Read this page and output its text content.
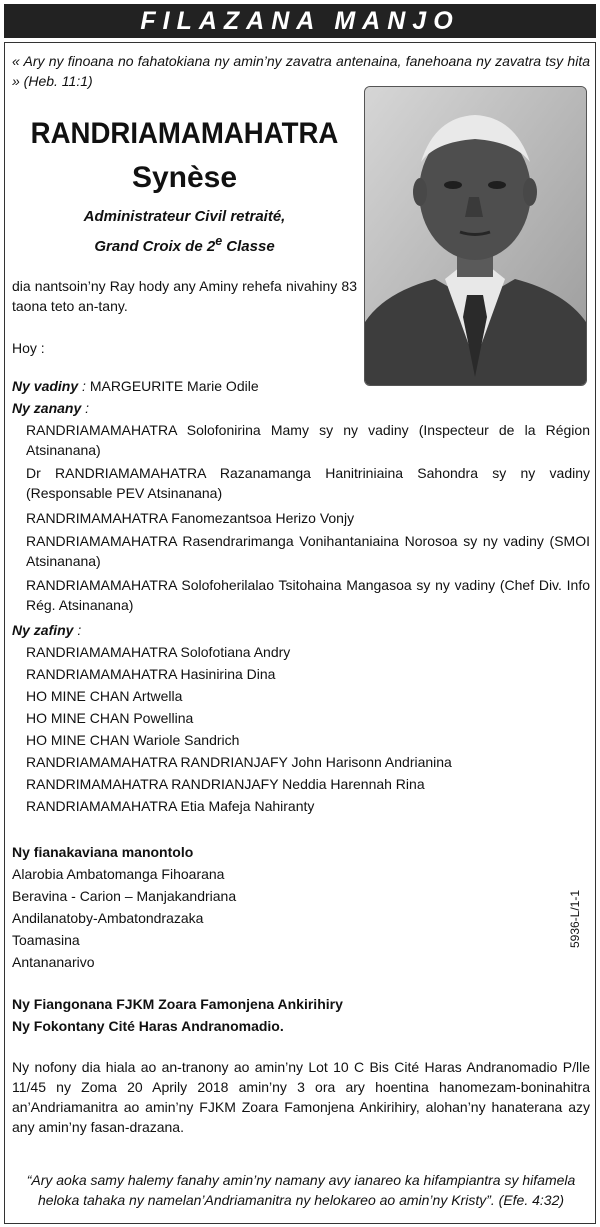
FILAZANA MANJO
« Ary ny finoana no fahatokiana ny amin’ny zavatra antenaina, fanehoana ny zavatra tsy hita » (Heb. 11:1)
RANDRIAMAMAHATRA
Synèse
Administrateur Civil retraité,
Grand Croix de 2e Classe
dia nantsoin’ny Ray hody any Aminy rehefa nivahiny 83 taona teto an-tany.
Hoy :
Ny vadiny : MARGEURITE Marie Odile
Ny zanany :
RANDRIAMAMAHATRA Solofonirina Mamy sy ny vadiny (Inspecteur de la Région Atsinanana)
Dr RANDRIAMAMAHATRA Razanamanga Hanitriniaina Sahondra sy ny vadiny (Responsable PEV Atsinanana)
RANDRIMAMAHATRA Fanomezantsoa Herizo Vonjy
RANDRIAMAMAHATRA Rasendrarimanga Vonihantaniaina Norosoa sy ny vadiny (SMOI Atsinanana)
RANDRIAMAMAHATRA Solofoherilalao Tsitohaina Mangasoa sy ny vadiny (Chef Div. Info Rég. Atsinanana)
Ny zafiny :
RANDRIAMAMAHATRA Solofotiana Andry
RANDRIAMAMAHATRA Hasinirina Dina
HO MINE CHAN Artwella
HO MINE CHAN Powellina
HO MINE CHAN Wariole Sandrich
RANDRIAMAMAHATRA RANDRIANJAFY John Harisonn Andrianina
RANDRIMAMAHATRA RANDRIANJAFY Neddia Harennah Rina
RANDRIAMAMAHATRA Etia Mafeja Nahiranty
Ny fianakaviana manontolo
Alarobia Ambatomanga Fihoarana
Beravina - Carion – Manjakandriana
Andilanatoby-Ambatondrazaka
Toamasina
Antananarivo
5936-L/1-1
Ny Fiangonana FJKM Zoara Famonjena Ankirihiry
Ny Fokontany Cité Haras Andranomadio.
Ny nofony dia hiala ao an-tranony ao amin’ny Lot 10 C Bis Cité Haras Andranomadio P/lle 11/45 ny Zoma 20 Aprily 2018 amin’ny 3 ora ary hoentina hanomezam-boninahitra an’Andriamanitra ao amin’ny FJKM Zoara Famonjena Ankirihiry, alohan’ny hanaterana azy any amin’ny fasan-drazana.
“Ary aoka samy halemy fanahy amin’ny namany avy ianareo ka hifampiantra sy hifamela heloka tahaka ny namelan’Andriamanitra ny helokareo ao amin’ny Kristy”. (Efe. 4:32)
